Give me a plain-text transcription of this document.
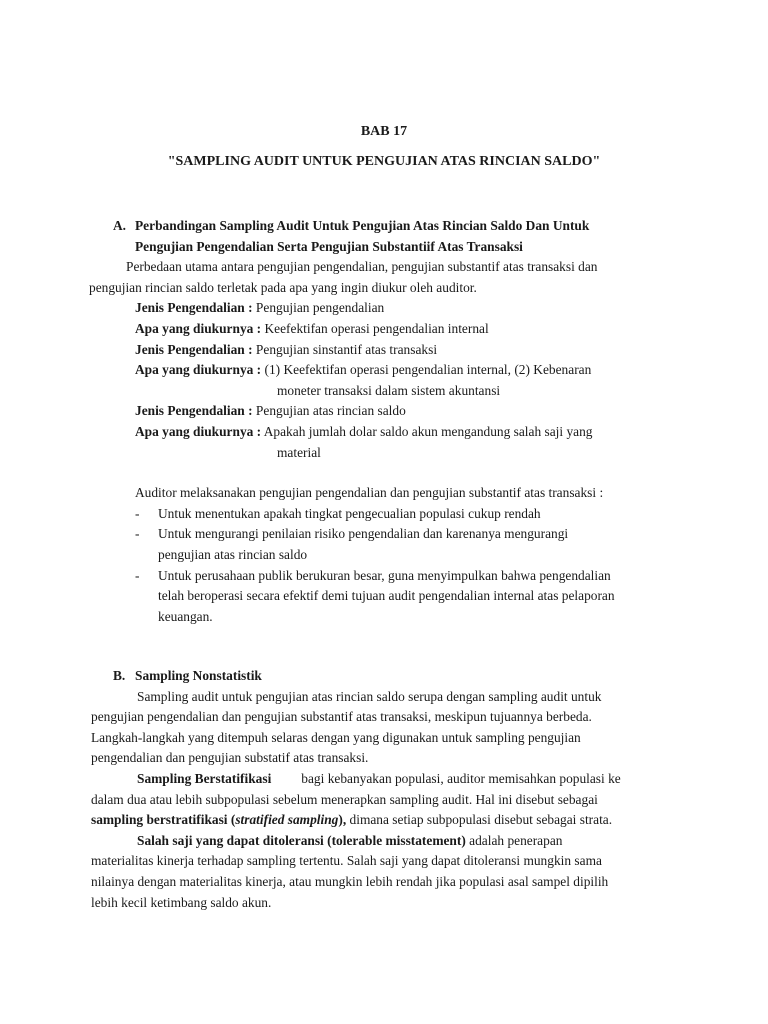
BAB 17
"SAMPLING AUDIT UNTUK PENGUJIAN ATAS RINCIAN SALDO"
A. Perbandingan Sampling Audit Untuk Pengujian Atas Rincian Saldo Dan Untuk
Pengujian Pengendalian Serta Pengujian Substantiif Atas Transaksi
Perbedaan utama antara pengujian pengendalian, pengujian substantif atas transaksi dan
pengujian rincian saldo terletak pada apa yang ingin diukur oleh auditor.
Jenis Pengendalian : Pengujian pengendalian
Apa yang diukurnya : Keefektifan operasi pengendalian internal
Jenis Pengendalian : Pengujian sinstantif atas transaksi
Apa yang diukurnya : (1) Keefektifan operasi pengendalian internal, (2) Kebenaran
moneter transaksi dalam sistem akuntansi
Jenis Pengendalian : Pengujian atas rincian saldo
Apa yang diukurnya : Apakah jumlah dolar saldo akun mengandung salah saji yang
material
Auditor melaksanakan pengujian pengendalian dan pengujian substantif atas transaksi :
- Untuk menentukan apakah tingkat pengecualian populasi cukup rendah
- Untuk mengurangi penilaian risiko pengendalian dan karenanya mengurangi
pengujian atas rincian saldo
- Untuk perusahaan publik berukuran besar, guna menyimpulkan bahwa pengendalian
telah beroperasi secara efektif demi tujuan audit pengendalian internal atas pelaporan
keuangan.
B. Sampling Nonstatistik
Sampling audit untuk pengujian atas rincian saldo serupa dengan sampling audit untuk
pengujian pengendalian dan pengujian substantif atas transaksi, meskipun tujuannya berbeda.
Langkah-langkah yang ditempuh selaras dengan yang digunakan untuk sampling pengujian
pengendalian dan pengujian substatif atas transaksi.
Sampling Berstatifikasi bagi kebanyakan populasi, auditor memisahkan populasi ke
dalam dua atau lebih subpopulasi sebelum menerapkan sampling audit. Hal ini disebut sebagai
sampling berstratifikasi (stratified sampling), dimana setiap subpopulasi disebut sebagai strata.
Salah saji yang dapat ditoleransi (tolerable misstatement) adalah penerapan
materialitas kinerja terhadap sampling tertentu. Salah saji yang dapat ditoleransi mungkin sama
nilainya dengan materialitas kinerja, atau mungkin lebih rendah jika populasi asal sampel dipilih
lebih kecil ketimbang saldo akun.
